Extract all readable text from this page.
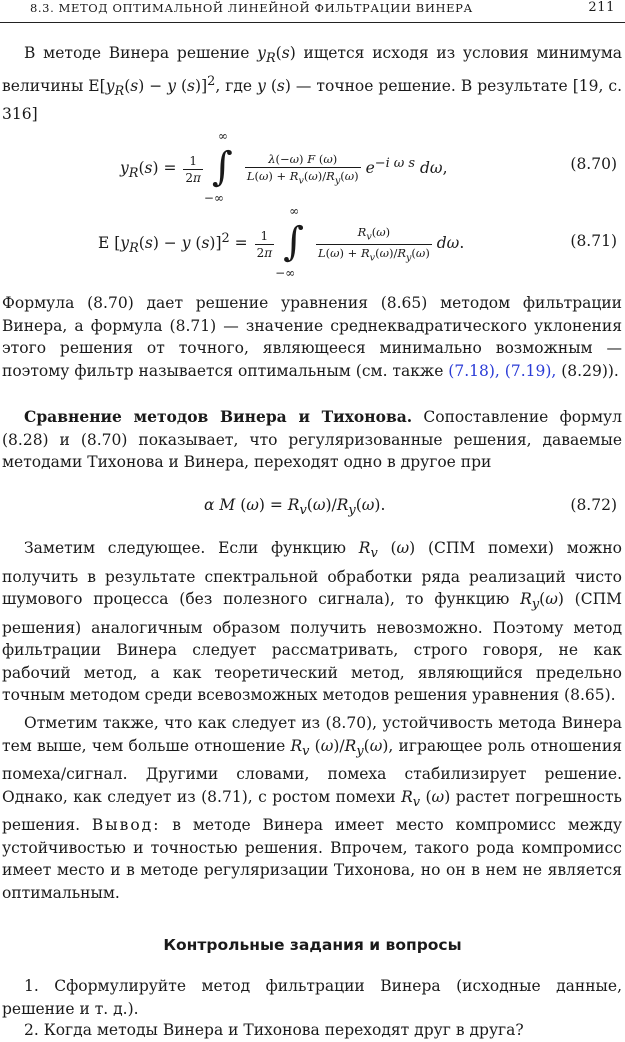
8.3. МЕТОД ОПТИМАЛЬНОЙ ЛИНЕЙНОЙ ФИЛЬТРАЦИИ ВИНЕРА	211

В методе Винера решение $y_R(s)$ ищется исходя из условия минимума величины $E[y_R(s) - y$ (s)]$^2$, где y (s) — точное решение. В результате [19, с. 316]

$y_R(s) = \frac{1}{2\pi}$

∞
∫
−∞

$\frac{\lambda(-\omega) F (\omega)}{L(\omega) + R_v(\omega)/R_y(\omega)} e^{-i \omega s}$ dω,	(8.70)
E [$y_R(s) - y$ $(s)]^2 = \frac{1}{2\pi}$

∞
∫
−∞

$\frac{R_v(\omega)}{L(\omega) + R_v(\omega)/R_y(\omega)} d\omega$.	(8.71)

Формула (8.70) дает решение уравнения (8.65) методом фильтрации Винера, а формула (8.71) — значение среднеквадратического уклонения этого решения от точного, являющееся минимально возможным — поэтому фильтр называется оптимальным (см. также (7.18), (7.19), (8.29)).

Сравнение методов Винера и Тихонова. Сопоставление формул (8.28) и (8.70) показывает, что регуляризованные решения, даваемые методами Тихонова и Винера, переходят одно в другое при

α M $(\omega) = R_v(\omega)/R_y(\omega)$.	(8.72)

Заметим следующее. Если функцию $R_v$ (ω) (СПМ помехи) можно получить в результате спектральной обработки ряда реализаций чисто шумового процесса (без полезного сигнала), то функцию $R_y(\omega)$ (СПМ решения) аналогичным образом получить невозможно. Поэтому метод фильтрации Винера следует рассматривать, строго говоря, не как рабочий метод, а как теоретический метод, являющийся предельно точным методом среди всевозможных методов решения уравнения (8.65).

Отметим также, что как следует из (8.70), устойчивость метода Винера тем выше, чем больше отношение $R_v$ $(\omega)/R_y(\omega)$, играющее роль отношения помеха/сигнал. Другими словами, помеха стабилизирует решение. Однако, как следует из (8.71), с ростом помехи $R_v$ (ω) растет погрешность решения. Вывод: в методе Винера имеет место компромисс между устойчивостью и точностью решения. Впрочем, такого рода компромисс имеет место и в методе регуляризации Тихонова, но он в нем не является оптимальным.

Контрольные задания и вопросы

1. Сформулируйте метод фильтрации Винера (исходные данные, решение и т. д.).

2. Когда методы Винера и Тихонова переходят друг в друга?
